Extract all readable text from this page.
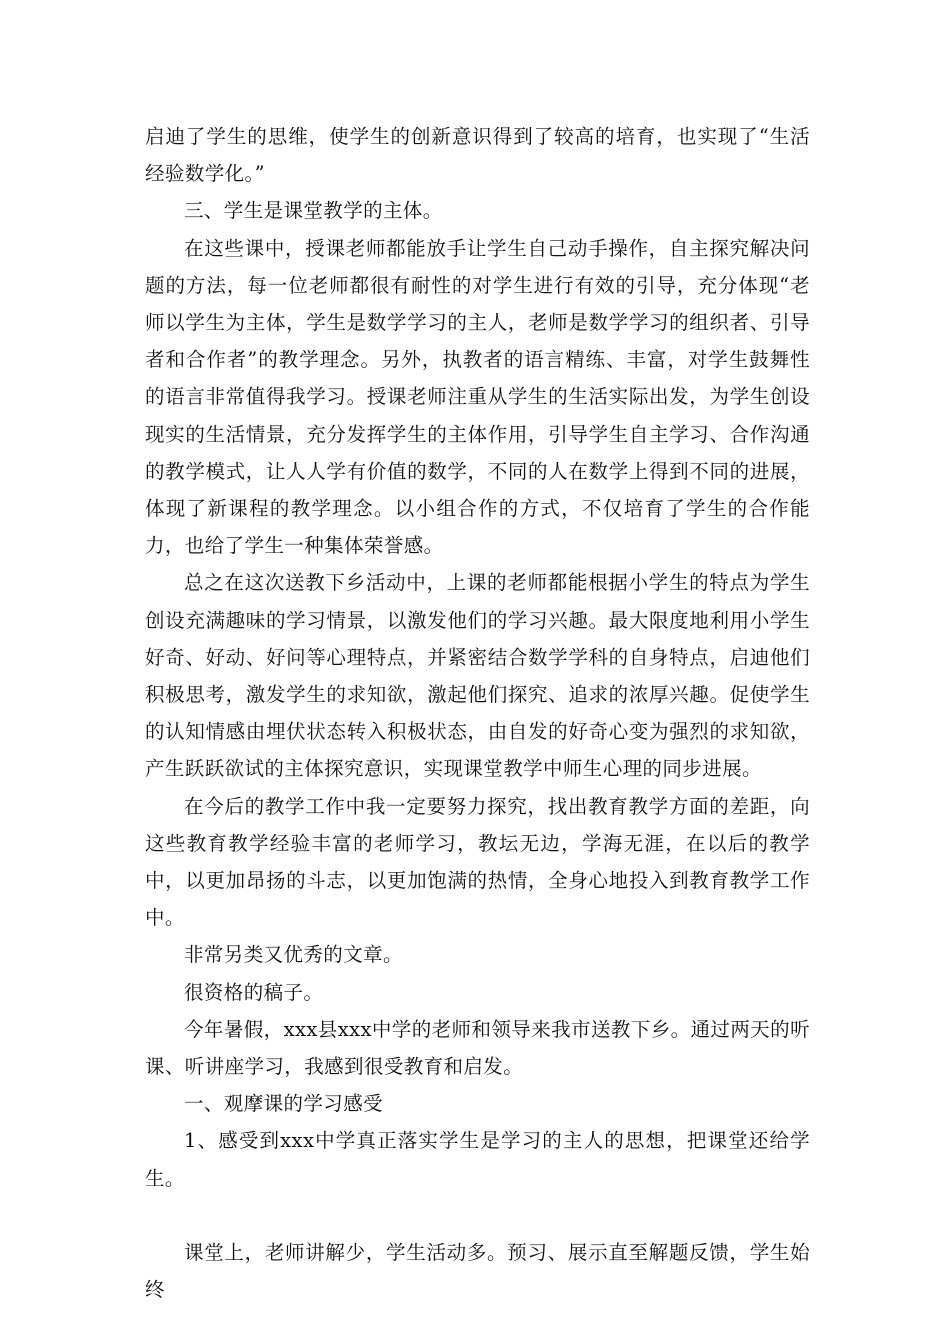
启迪了学生的思维，使学生的创新意识得到了较高的培育，也实现了“生活经验数学化。”

三、学生是课堂教学的主体。

在这些课中，授课老师都能放手让学生自己动手操作，自主探究解决问题的方法，每一位老师都很有耐性的对学生进行有效的引导，充分体现“老师以学生为主体，学生是数学学习的主人，老师是数学学习的组织者、引导者和合作者”的教学理念。另外，执教者的语言精练、丰富，对学生鼓舞性的语言非常值得我学习。授课老师注重从学生的生活实际出发，为学生创设现实的生活情景，充分发挥学生的主体作用，引导学生自主学习、合作沟通的教学模式，让人人学有价值的数学，不同的人在数学上得到不同的进展，体现了新课程的教学理念。以小组合作的方式，不仅培育了学生的合作能力，也给了学生一种集体荣誉感。

总之在这次送教下乡活动中，上课的老师都能根据小学生的特点为学生创设充满趣味的学习情景，以激发他们的学习兴趣。最大限度地利用小学生好奇、好动、好问等心理特点，并紧密结合数学学科的自身特点，启迪他们积极思考，激发学生的求知欲，激起他们探究、追求的浓厚兴趣。促使学生的认知情感由埋伏状态转入积极状态，由自发的好奇心变为强烈的求知欲，产生跃跃欲试的主体探究意识，实现课堂教学中师生心理的同步进展。

在今后的教学工作中我一定要努力探究，找出教育教学方面的差距，向这些教育教学经验丰富的老师学习，教坛无边，学海无涯，在以后的教学中，以更加昂扬的斗志，以更加饱满的热情，全身心地投入到教育教学工作中。

非常另类又优秀的文章。

很资格的稿子。

今年暑假，xxx县xxx中学的老师和领导来我市送教下乡。通过两天的听课、听讲座学习，我感到很受教育和启发。

一、观摩课的学习感受

1、感受到xxx中学真正落实学生是学习的主人的思想，把课堂还给学生。

课堂上，老师讲解少，学生活动多。预习、展示直至解题反馈，学生始终
